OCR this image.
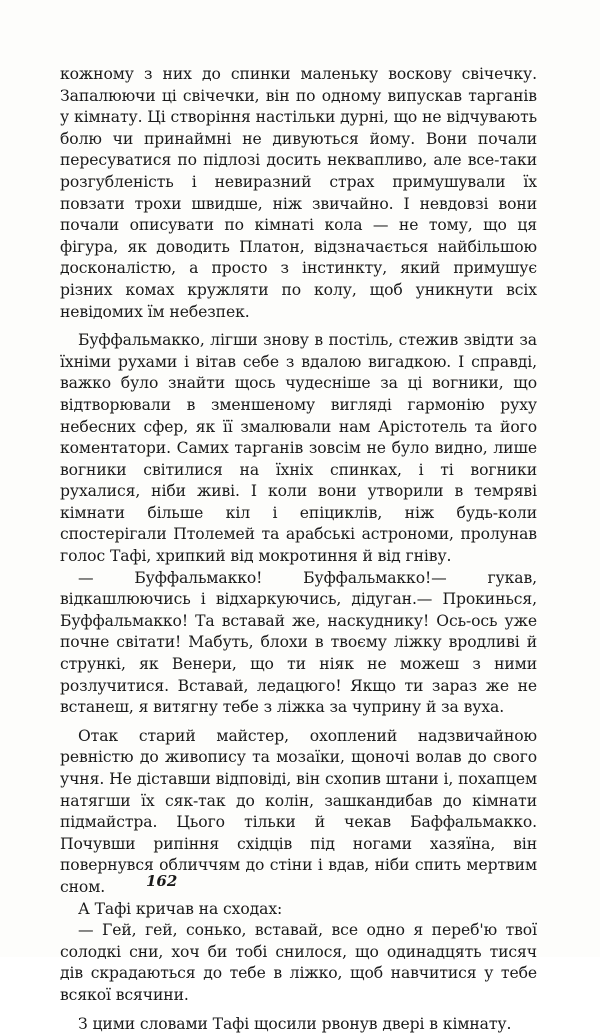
кожному з них до спинки маленьку воскову свічечку. Запалюючи ці свічечки, він по одному випускав тарганів у кімнату. Ці створіння настільки дурні, що не відчувають болю чи принаймні не дивуються йому. Вони почали пересуватися по підлозі досить неквапливо, але все-таки розгубленість і невиразний страх примушували їх повзати трохи швидше, ніж звичайно. І невдовзі вони почали описувати по кімнаті кола — не тому, що ця фігура, як доводить Платон, відзначається найбільшою досконалістю, а просто з інстинкту, який примушує різних комах кружляти по колу, щоб уникнути всіх невідомих їм небезпек.

Буффальмакко, лігши знову в постіль, стежив звідти за їхніми рухами і вітав себе з вдалою вигадкою. І справді, важко було знайти щось чудесніше за ці вогники, що відтворювали в зменшеному вигляді гармонію руху небесних сфер, як її змалювали нам Арістотель та його коментатори. Самих тарганів зовсім не було видно, лише вогники світилися на їхніх спинках, і ті вогники рухалися, ніби живі. І коли вони утворили в темряві кімнати більше кіл і епіциклів, ніж будь-коли спостерігали Птолемей та арабські астрономи, пролунав голос Тафі, хрипкий від мокротиння й від гніву.

— Буффальмакко! Буффальмакко!— гукав, відкашлюючись і відхаркуючись, дідуган.— Прокинься, Буффальмакко! Та вставай же, наскуднику! Ось-ось уже почне світати! Мабуть, блохи в твоєму ліжку вродливі й стрункі, як Венери, що ти ніяк не можеш з ними розлучитися. Вставай, ледацюго! Якщо ти зараз же не встанеш, я витягну тебе з ліжка за чуприну й за вуха.

Отак старий майстер, охоплений надзвичайною ревністю до живопису та мозаїки, щоночі волав до свого учня. Не діставши відповіді, він схопив штани і, похапцем натягши їх сяк-так до колін, зашкандибав до кімнати підмайстра. Цього тільки й чекав Баффальмакко. Почувши рипіння східців під ногами хазяїна, він повернувся обличчям до стіни і вдав, ніби спить мертвим сном.

А Тафі кричав на сходах:

— Гей, гей, сонько, вставай, все одно я переб'ю твої солодкі сни, хоч би тобі снилося, що одинадцять тисяч дів скрадаються до тебе в ліжко, щоб навчитися у тебе всякої всячини.

З цими словами Тафі щосили рвонув двері в кімнату.

162
